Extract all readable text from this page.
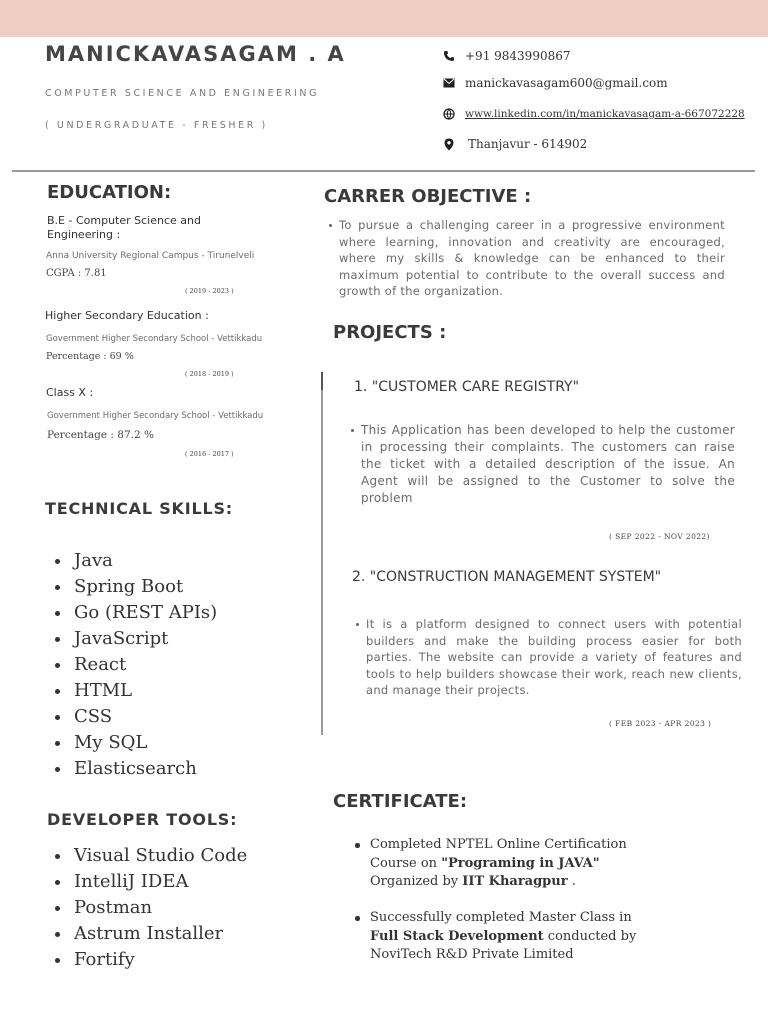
MANICKAVASAGAM . A
COMPUTER SCIENCE AND ENGINEERING
( UNDERGRADUATE - FRESHER )
+91 9843990867
manickavasagam600@gmail.com
www.linkedin.com/in/manickavasagam-a-667072228
Thanjavur - 614902
EDUCATION:
B.E - Computer Science and Engineering :
Anna University Regional Campus - Tirunelveli
CGPA : 7.81
( 2019 - 2023 )
Higher Secondary Education :
Government Higher Secondary School - Vettikkadu
Percentage : 69 %
( 2018 - 2019 )
Class X :
Government Higher Secondary School - Vettikkadu
Percentage : 87.2 %
( 2016 - 2017 )
TECHNICAL SKILLS:
Java
Spring Boot
Go (REST APIs)
JavaScript
React
HTML
CSS
My SQL
Elasticsearch
DEVELOPER TOOLS:
Visual Studio Code
IntelliJ IDEA
Postman
Astrum Installer
Fortify
CARRER OBJECTIVE :
To pursue a challenging career in a progressive environment where learning, innovation and creativity are encouraged, where my skills & knowledge can be enhanced to their maximum potential to contribute to the overall success and growth of the organization.
PROJECTS :
1. "CUSTOMER CARE REGISTRY"
This Application has been developed to help the customer in processing their complaints. The customers can raise the ticket with a detailed description of the issue. An Agent will be assigned to the Customer to solve the problem
( SEP 2022 - NOV 2022)
2. "CONSTRUCTION MANAGEMENT SYSTEM"
It is a platform designed to connect users with potential builders and make the building process easier for both parties. The website can provide a variety of features and tools to help builders showcase their work, reach new clients, and manage their projects.
( FEB 2023 - APR 2023 )
CERTIFICATE:
Completed NPTEL Online Certification Course on "Programing in JAVA" Organized by IIT Kharagpur .
Successfully completed Master Class in Full Stack Development conducted by NoviTech R&D Private Limited
